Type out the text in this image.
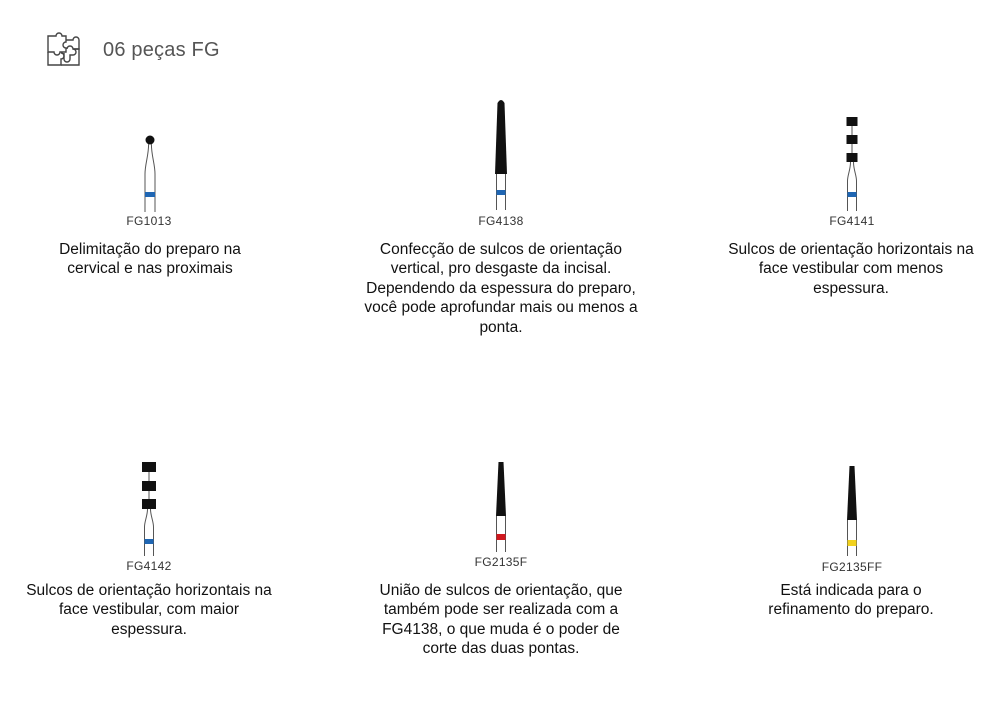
06 peças FG
FG1013
Delimitação do preparo na cervical e nas proximais
FG4138
Confecção de sulcos de orientação vertical, pro desgaste da incisal. Dependendo da espessura do preparo, você pode aprofundar mais ou menos a ponta.
FG4141
Sulcos de orientação horizontais na face vestibular com menos espessura.
FG4142
Sulcos de orientação horizontais na face vestibular, com maior espessura.
FG2135F
União de sulcos de orientação, que também pode ser realizada com a FG4138, o que muda é o poder de corte das duas pontas.
FG2135FF
Está indicada para o refinamento do preparo.
